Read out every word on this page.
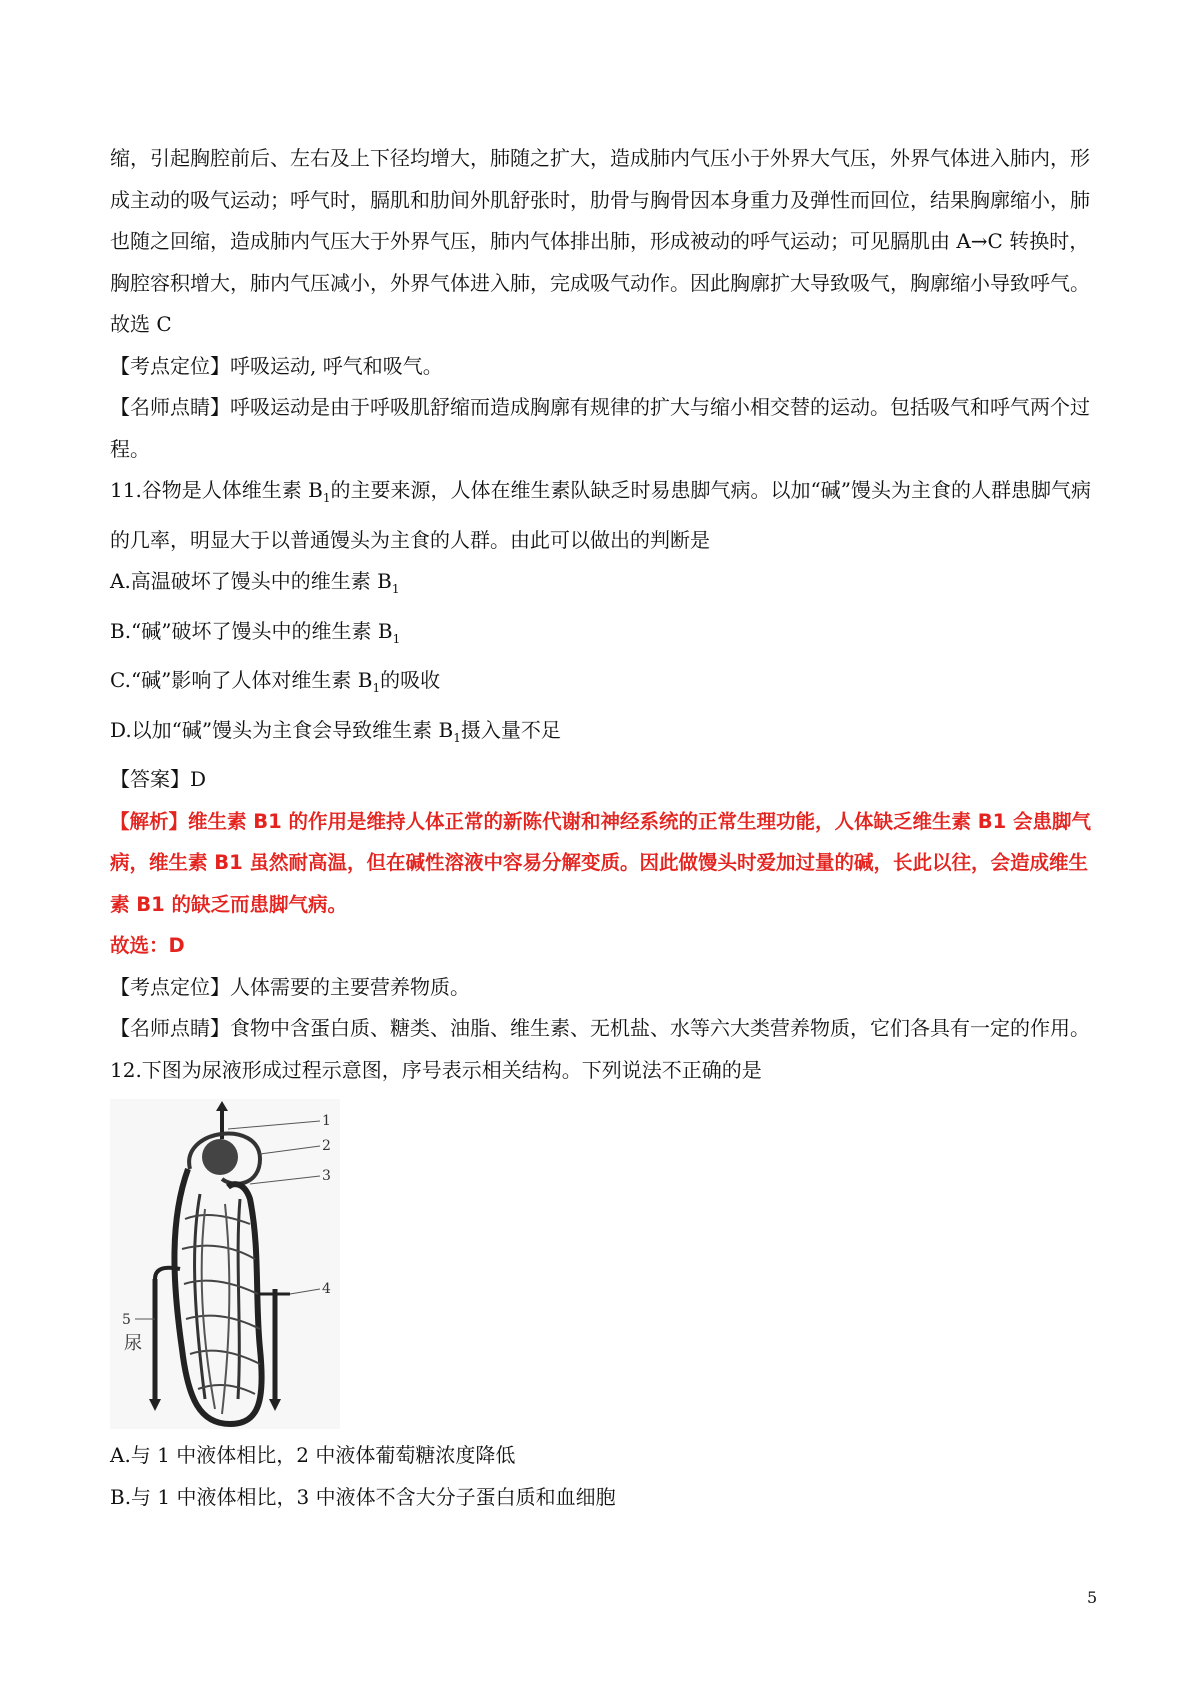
缩，引起胸腔前后、左右及上下径均增大，肺随之扩大，造成肺内气压小于外界大气压，外界气体进入肺内，形成主动的吸气运动；呼气时，膈肌和肋间外肌舒张时，肋骨与胸骨因本身重力及弹性而回位，结果胸廓缩小，肺也随之回缩，造成肺内气压大于外界气压，肺内气体排出肺，形成被动的呼气运动；可见膈肌由 A→C 转换时，胸腔容积增大，肺内气压减小，外界气体进入肺，完成吸气动作。因此胸廓扩大导致吸气，胸廓缩小导致呼气。

故选 C

【考点定位】呼吸运动, 呼气和吸气。

【名师点睛】呼吸运动是由于呼吸肌舒缩而造成胸廓有规律的扩大与缩小相交替的运动。包括吸气和呼气两个过程。

11.谷物是人体维生素 $B_1$的主要来源，人体在维生素队缺乏时易患脚气病。以加“碱”馒头为主食的人群患脚气病的几率，明显大于以普通馒头为主食的人群。由此可以做出的判断是

A.高温破坏了馒头中的维生素 $B_1$

B.“碱”破坏了馒头中的维生素 $B_1$

C.“碱”影响了人体对维生素 $B_1$的吸收

D.以加“碱”馒头为主食会导致维生素 $B_1$摄入量不足

【答案】D

【解析】维生素 B1 的作用是维持人体正常的新陈代谢和神经系统的正常生理功能，人体缺乏维生素 B1 会患脚气病，维生素 B1 虽然耐高温，但在碱性溶液中容易分解变质。因此做馒头时爱加过量的碱，长此以往，会造成维生素 B1 的缺乏而患脚气病。

故选：D

【考点定位】人体需要的主要营养物质。

【名师点睛】食物中含蛋白质、糖类、油脂、维生素、无机盐、水等六大类营养物质，它们各具有一定的作用。

12.下图为尿液形成过程示意图，序号表示相关结构。下列说法不正确的是

1
2
3
4
5
尿

A.与 1 中液体相比，2 中液体葡萄糖浓度降低

B.与 1 中液体相比，3 中液体不含大分子蛋白质和血细胞

5
